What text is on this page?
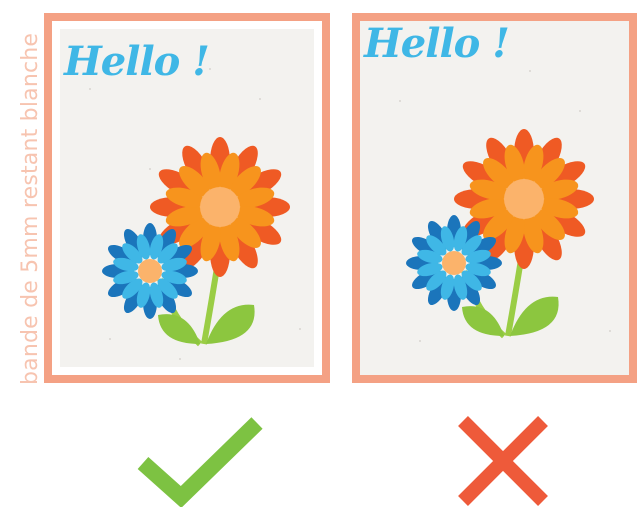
bande de 5mm restant blanche Hello !	Hello !
